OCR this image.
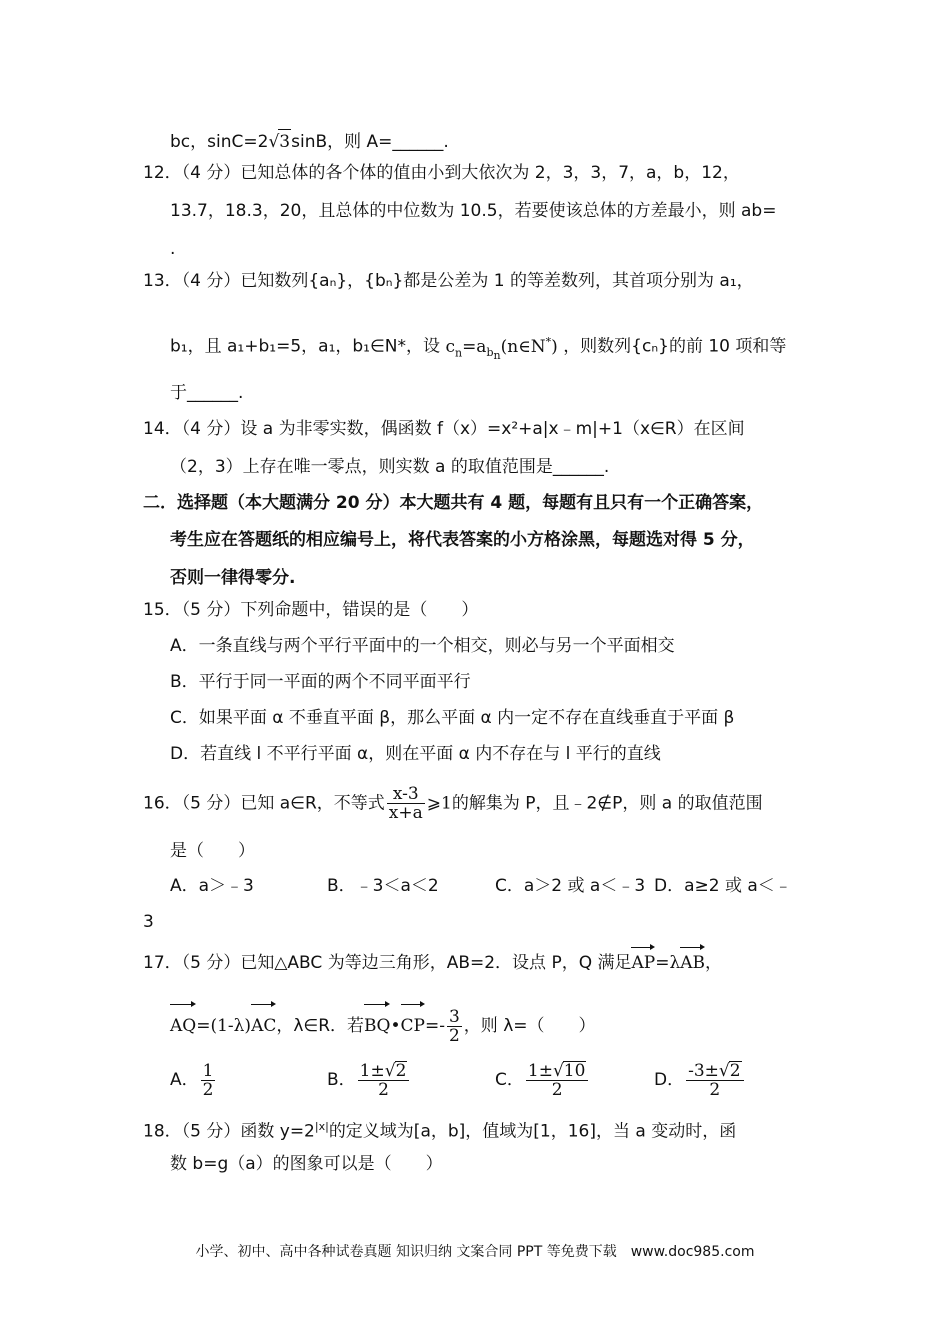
bc，sinC=2√3sinB，则 A=______.
12．（4 分）已知总体的各个体的值由小到大依次为 2，3，3，7，a，b，12，
13.7，18.3，20，且总体的中位数为 10.5，若要使该总体的方差最小，则 ab=
.
13．（4 分）已知数列{aₙ}，{bₙ}都是公差为 1 的等差数列，其首项分别为 a₁，
b₁，且 a₁+b₁=5，a₁，b₁∈N*，设 $c_n=a_{b_n}(n\in N^*)$ ，则数列{cₙ}的前 10 项和等
于______.
14．（4 分）设 a 为非零实数，偶函数 f（x）=x²+a|x﹣m|+1（x∈R）在区间
（2，3）上存在唯一零点，则实数 a 的取值范围是______.
二．选择题（本大题满分 20 分）本大题共有 4 题，每题有且只有一个正确答案，
考生应在答题纸的相应编号上，将代表答案的小方格涂黑，每题选对得 5 分，
否则一律得零分.
15．（5 分）下列命题中，错误的是（　　）
A．一条直线与两个平行平面中的一个相交，则必与另一个平面相交
B．平行于同一平面的两个不同平面平行
C．如果平面 α 不垂直平面 β，那么平面 α 内一定不存在直线垂直于平面 β
D．若直线 l 不平行平面 α，则在平面 α 内不存在与 l 平行的直线
16．（5 分）已知 a∈R，不等式 $\frac{x-3}{x+a}$ ⩾1的解集为 P，且﹣2∉P，则 a 的取值范围
是（　　）
A．a＞﹣3	B．﹣3＜a＜2	C．a＞2 或 a＜﹣3 D．a≥2 或 a＜﹣
3
17．（5 分）已知△ABC 为等边三角形，AB=2．设点 P，Q 满足AP=λAB，
AQ=(1-λ)AC，λ∈R．若BQ•CP=- $\frac{3}{2}$ ，则 λ=（　　）
A． $\frac{1}{2}$	B． $\frac{1\pm√2}{2}$	C． $\frac{1\pm√10}{2}$	D． $\frac{-3\pm√2}{2}$
18．（5 分）函数 $y=2^{|x|}$的定义域为[a，b]，值域为[1，16]，当 a 变动时，函
数 b=g（a）的图象可以是（　　）
小学、初中、高中各种试卷真题 知识归纳 文案合同 PPT 等免费下载　www.doc985.com
